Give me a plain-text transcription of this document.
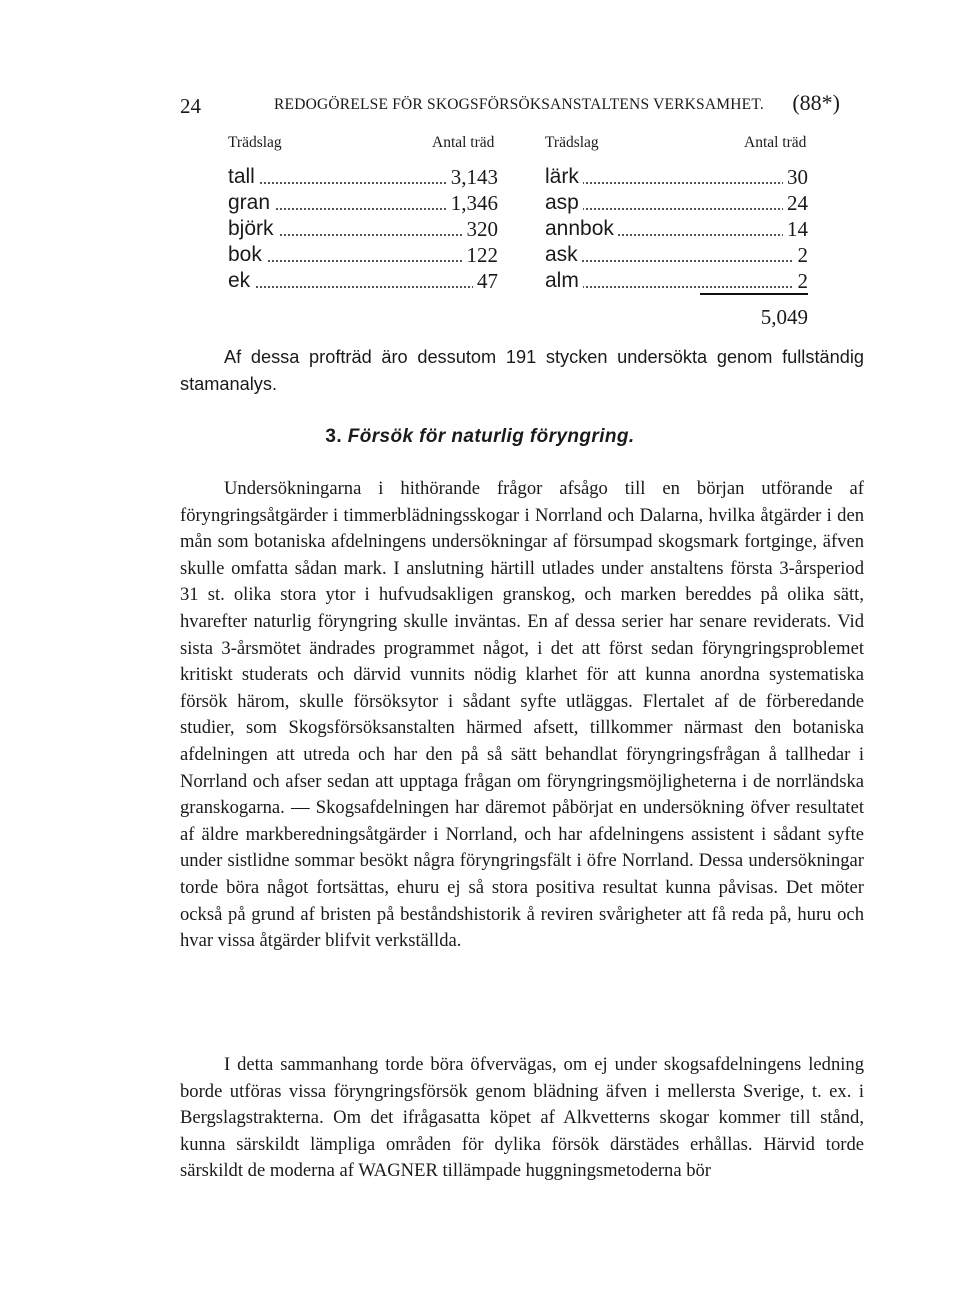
24	REDOGÖRELSE FÖR SKOGSFÖRSÖKSANSTALTENS VERKSAMHET. (88*)
Trädslag	Antal träd	Trädslag	Antal träd
tall	3,143
gran	1,346
björk	320
bok	122
ek	47
lärk	30
asp	24
annbok	14
ask	2
alm	2
5,049

Af dessa profträd äro dessutom 191 stycken undersökta genom fullständig stamanalys.

3. Försök för naturlig föryngring.

Undersökningarna i hithörande frågor afsågo till en början utförande af föryngringsåtgärder i timmerblädningsskogar i Norrland och Dalarna, hvilka åtgärder i den mån som botaniska afdelningens undersökningar af försumpad skogsmark fortginge, äfven skulle omfatta sådan mark. I anslutning härtill utlades under anstaltens första 3-årsperiod 31 st. olika stora ytor i hufvudsakligen granskog, och marken bereddes på olika sätt, hvarefter naturlig föryngring skulle inväntas. En af dessa serier har senare reviderats. Vid sista 3-årsmötet ändrades programmet något, i det att först sedan föryngringsproblemet kritiskt studerats och därvid vunnits nödig klarhet för att kunna anordna systematiska försök härom, skulle försöksytor i sådant syfte utläggas. Flertalet af de förberedande studier, som Skogsförsöksanstalten härmed afsett, tillkommer närmast den botaniska afdelningen att utreda och har den på så sätt behandlat föryngringsfrågan å tallhedar i Norrland och afser sedan att upptaga frågan om föryngringsmöjligheterna i de norrländska granskogarna. — Skogsafdelningen har däremot påbörjat en undersökning öfver resultatet af äldre markberedningsåtgärder i Norrland, och har afdelningens assistent i sådant syfte under sistlidne sommar besökt några föryngringsfält i öfre Norrland. Dessa undersökningar torde böra något fortsättas, ehuru ej så stora positiva resultat kunna påvisas. Det möter också på grund af bristen på beståndshistorik å reviren svårigheter att få reda på, huru och hvar vissa åtgärder blifvit verkställda.

I detta sammanhang torde böra öfvervägas, om ej under skogsafdelningens ledning borde utföras vissa föryngringsförsök genom blädning äfven i mellersta Sverige, t. ex. i Bergslagstrakterna. Om det ifrågasatta köpet af Alkvetterns skogar kommer till stånd, kunna särskildt lämpliga områden för dylika försök därstädes erhållas. Härvid torde särskildt de moderna af WAGNER tillämpade huggningsmetoderna bör
